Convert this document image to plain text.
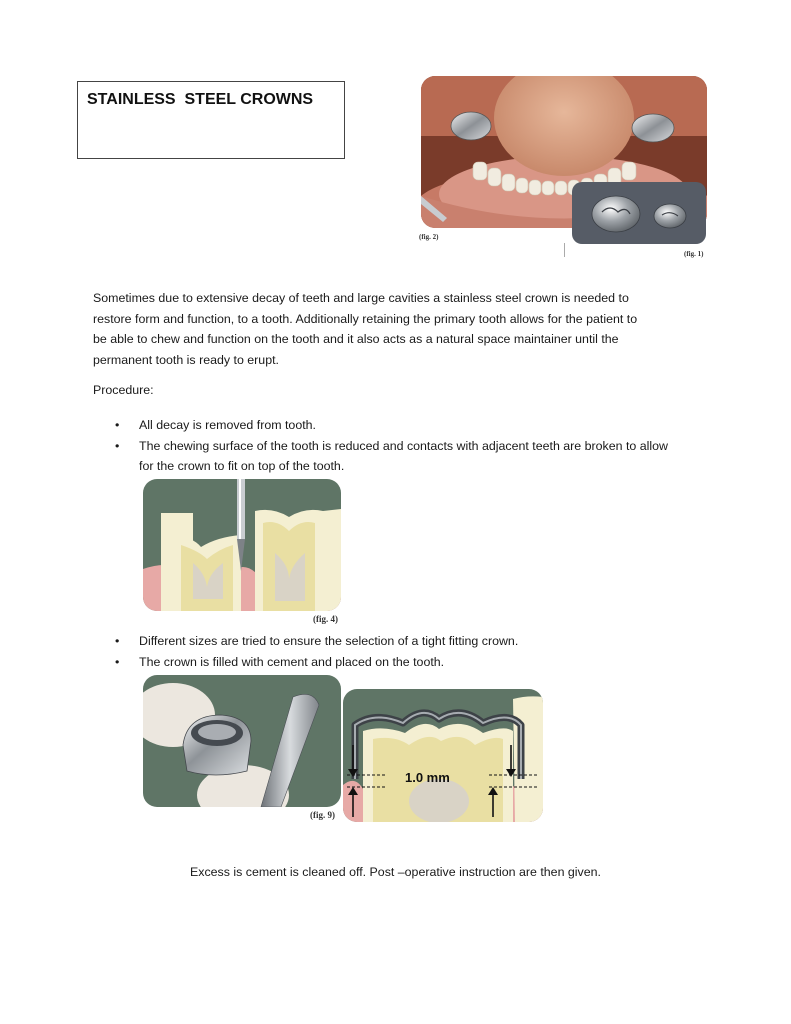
STAINLESS  STEEL CROWNS
(fig. 2)
(fig. 1)
Sometimes due to extensive decay of teeth and large cavities a stainless steel crown is needed to
restore form and function, to a tooth. Additionally retaining the primary tooth allows for the patient to
be able to chew and function on the tooth and it also acts as a natural space maintainer until the
permanent tooth is ready to erupt.

Procedure:

• All decay is removed from tooth.
• The chewing surface of the tooth is reduced and contacts with adjacent teeth are broken to allow for the crown to fit on top of the tooth.
(fig. 4)
• Different sizes are tried to ensure the selection of a tight fitting crown.
• The crown is filled with cement and placed on the tooth.
1.0 mm
(fig. 9)

Excess is cement is cleaned off. Post –operative instruction are then given.
